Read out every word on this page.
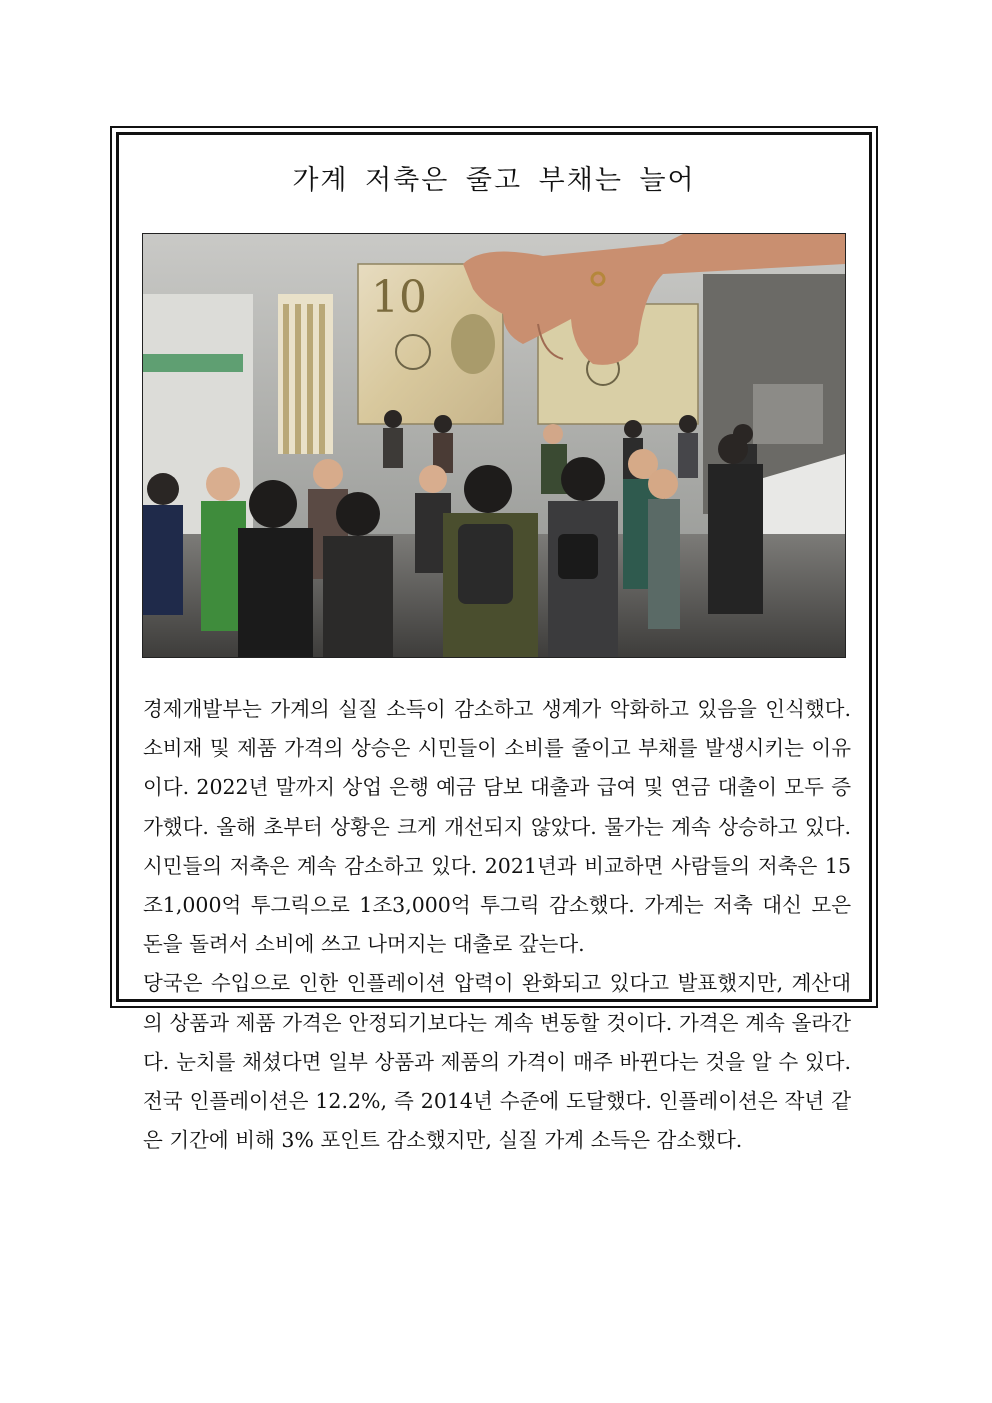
가계 저축은 줄고 부채는 늘어
10

경제개발부는 가계의 실질 소득이 감소하고 생계가 악화하고 있음을 인식했다. 소비재 및 제품 가격의 상승은 시민들이 소비를 줄이고 부채를 발생시키는 이유이다. 2022년 말까지 상업 은행 예금 담보 대출과 급여 및 연금 대출이 모두 증가했다. 올해 초부터 상황은 크게 개선되지 않았다. 물가는 계속 상승하고 있다. 시민들의 저축은 계속 감소하고 있다. 2021년과 비교하면 사람들의 저축은 15조1,000억 투그릭으로 1조3,000억 투그릭 감소했다. 가계는 저축 대신 모은 돈을 돌려서 소비에 쓰고 나머지는 대출로 갚는다.

당국은 수입으로 인한 인플레이션 압력이 완화되고 있다고 발표했지만, 계산대의 상품과 제품 가격은 안정되기보다는 계속 변동할 것이다. 가격은 계속 올라간다. 눈치를 채셨다면 일부 상품과 제품의 가격이 매주 바뀐다는 것을 알 수 있다. 전국 인플레이션은 12.2%, 즉 2014년 수준에 도달했다. 인플레이션은 작년 같은 기간에 비해 3% 포인트 감소했지만, 실질 가계 소득은 감소했다.
